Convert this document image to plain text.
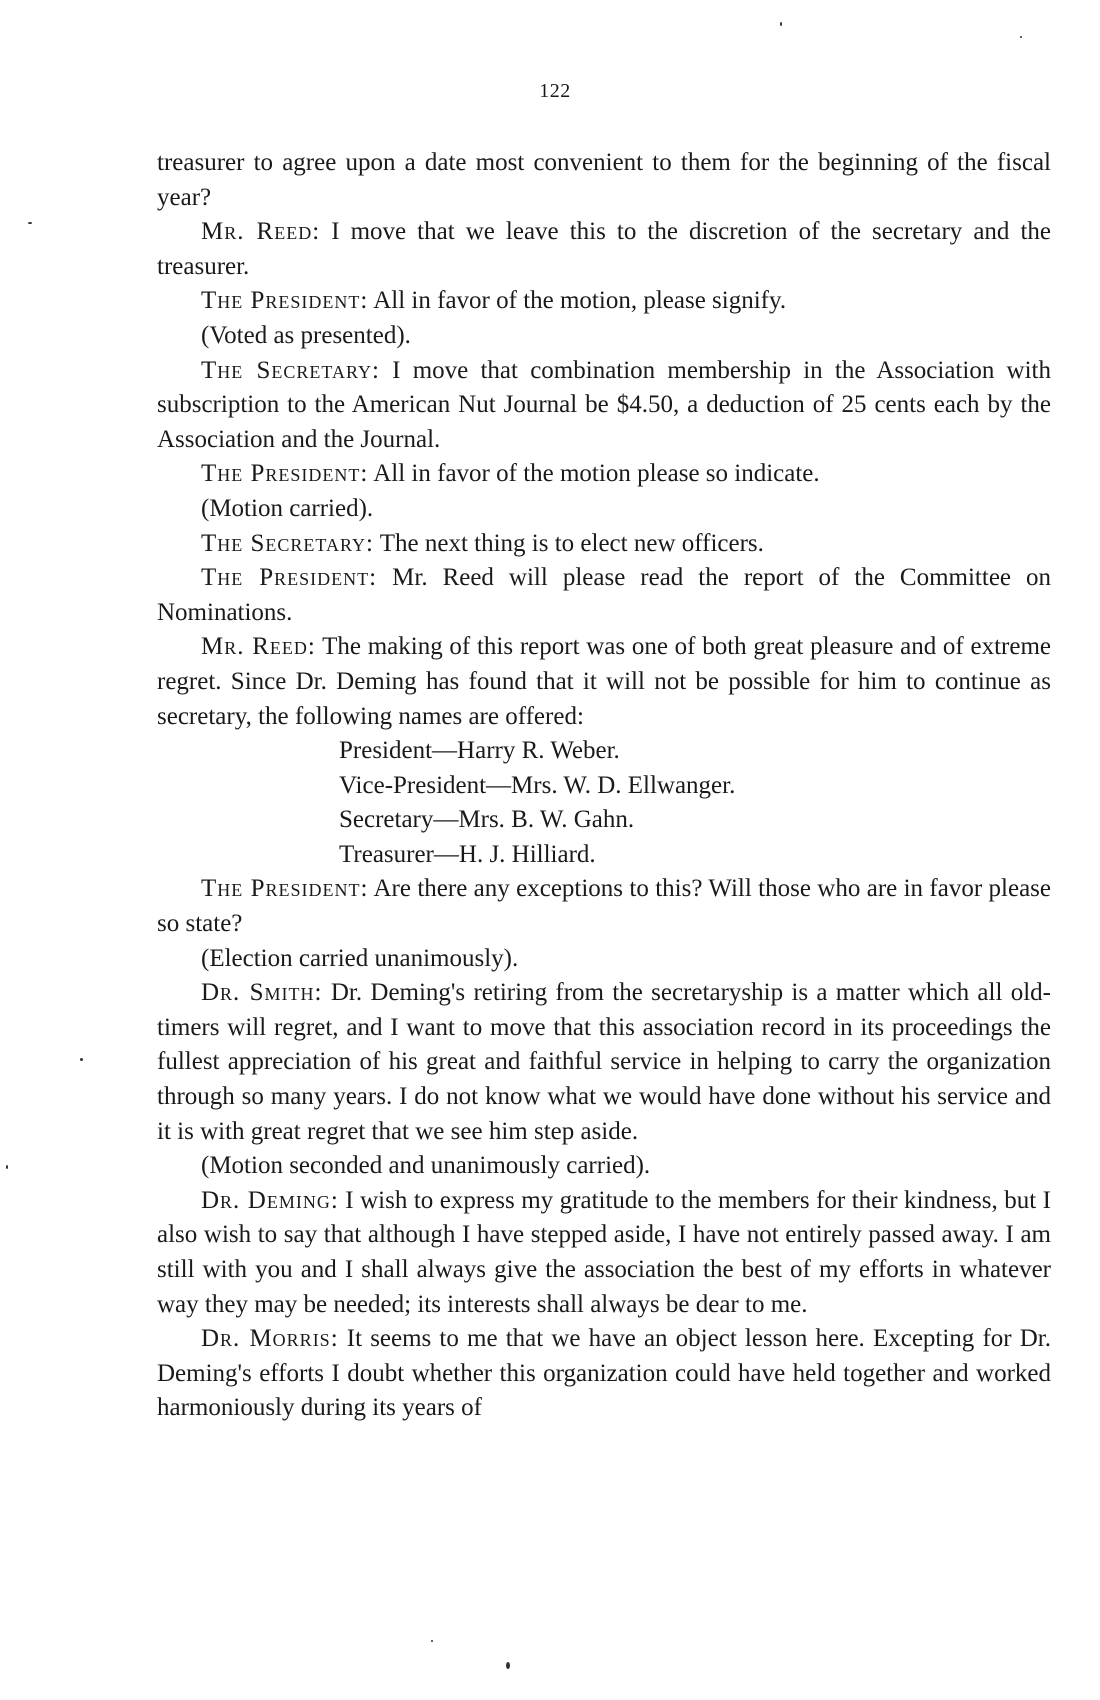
122

treasurer to agree upon a date most convenient to them for the beginning of the fiscal year?

Mr. Reed: I move that we leave this to the discretion of the secretary and the treasurer.

The President: All in favor of the motion, please signify.

(Voted as presented).

The Secretary: I move that combination membership in the Association with subscription to the American Nut Journal be $4.50, a deduction of 25 cents each by the Association and the Journal.

The President: All in favor of the motion please so indicate.

(Motion carried).

The Secretary: The next thing is to elect new officers.

The President: Mr. Reed will please read the report of the Committee on Nominations.

Mr. Reed: The making of this report was one of both great pleasure and of extreme regret. Since Dr. Deming has found that it will not be possible for him to continue as secretary, the following names are offered:

President—Harry R. Weber.
Vice-President—Mrs. W. D. Ellwanger.
Secretary—Mrs. B. W. Gahn.
Treasurer—H. J. Hilliard.

The President: Are there any exceptions to this? Will those who are in favor please so state?

(Election carried unanimously).

Dr. Smith: Dr. Deming's retiring from the secretaryship is a matter which all old-timers will regret, and I want to move that this association record in its proceedings the fullest appreciation of his great and faithful service in helping to carry the organization through so many years. I do not know what we would have done without his service and it is with great regret that we see him step aside.

(Motion seconded and unanimously carried).

Dr. Deming: I wish to express my gratitude to the members for their kindness, but I also wish to say that although I have stepped aside, I have not entirely passed away. I am still with you and I shall always give the association the best of my efforts in whatever way they may be needed; its interests shall always be dear to me.

Dr. Morris: It seems to me that we have an object lesson here. Excepting for Dr. Deming's efforts I doubt whether this organization could have held together and worked harmoniously during its years of
